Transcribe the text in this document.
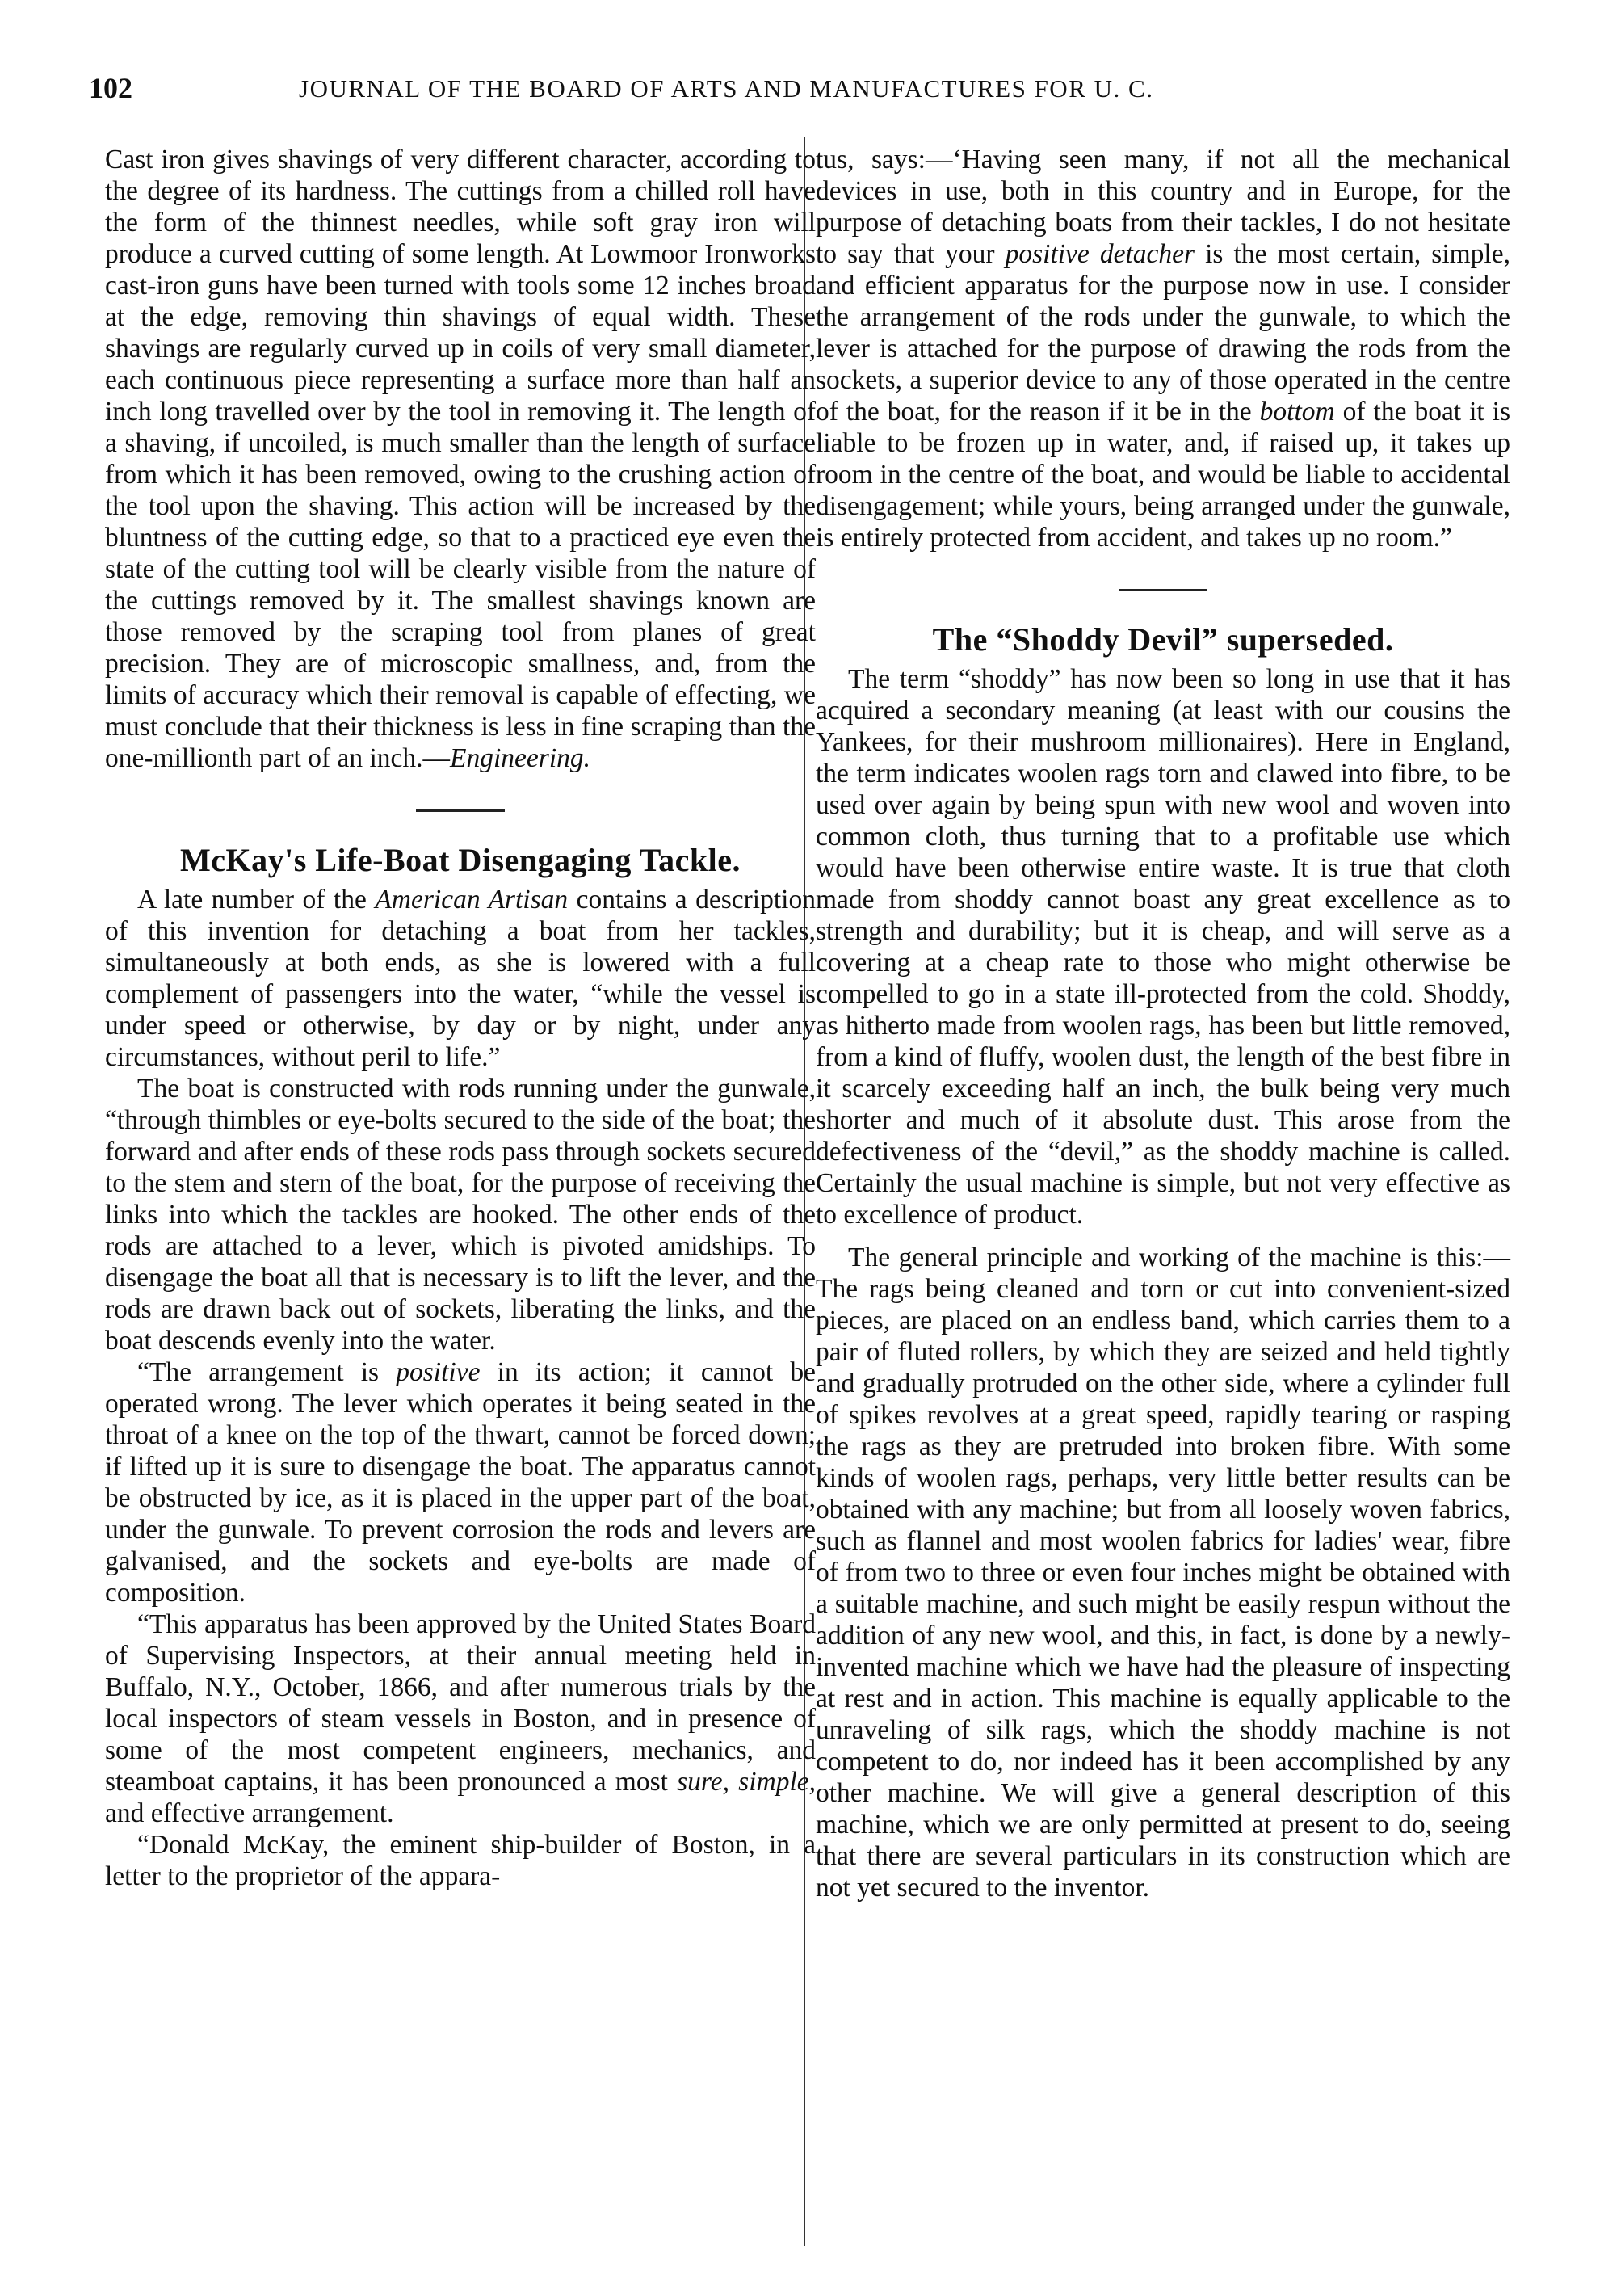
102	JOURNAL OF THE BOARD OF ARTS AND MANUFACTURES FOR U. C.

Cast iron gives shavings of very different character, according to the degree of its hardness. The cuttings from a chilled roll have the form of the thinnest needles, while soft gray iron will produce a curved cutting of some length. At Lowmoor Ironworks cast-iron guns have been turned with tools some 12 inches broad at the edge, removing thin shavings of equal width. These shavings are regularly curved up in coils of very small diameter, each continuous piece representing a surface more than half an inch long travelled over by the tool in removing it. The length of a shaving, if uncoiled, is much smaller than the length of surface from which it has been removed, owing to the crushing action of the tool upon the shaving. This action will be increased by the bluntness of the cutting edge, so that to a practiced eye even the state of the cutting tool will be clearly visible from the nature of the cuttings removed by it. The smallest shavings known are those removed by the scraping tool from planes of great precision. They are of microscopic smallness, and, from the limits of accuracy which their removal is capable of effecting, we must conclude that their thickness is less in fine scraping than the one-millionth part of an inch.—Engineering.

McKay's Life-Boat Disengaging Tackle.

A late number of the American Artisan contains a description of this invention for detaching a boat from her tackles, simultaneously at both ends, as she is lowered with a full complement of passengers into the water, “while the vessel is under speed or otherwise, by day or by night, under any circumstances, without peril to life.”

The boat is constructed with rods running under the gunwale, “through thimbles or eye-bolts secured to the side of the boat; the forward and after ends of these rods pass through sockets secured to the stem and stern of the boat, for the purpose of receiving the links into which the tackles are hooked. The other ends of the rods are attached to a lever, which is pivoted amidships. To disengage the boat all that is necessary is to lift the lever, and the rods are drawn back out of sockets, liberating the links, and the boat descends evenly into the water.

“The arrangement is positive in its action; it cannot be operated wrong. The lever which operates it being seated in the throat of a knee on the top of the thwart, cannot be forced down; if lifted up it is sure to disengage the boat. The apparatus cannot be obstructed by ice, as it is placed in the upper part of the boat, under the gunwale. To prevent corrosion the rods and levers are galvanised, and the sockets and eye-bolts are made of composition.

“This apparatus has been approved by the United States Board of Supervising Inspectors, at their annual meeting held in Buffalo, N.Y., October, 1866, and after numerous trials by the local inspectors of steam vessels in Boston, and in presence of some of the most competent engineers, mechanics, and steamboat captains, it has been pronounced a most sure, simple, and effective arrangement.

“Donald McKay, the eminent ship-builder of Boston, in a letter to the proprietor of the appara-

tus, says:—‘Having seen many, if not all the mechanical devices in use, both in this country and in Europe, for the purpose of detaching boats from their tackles, I do not hesitate to say that your positive detacher is the most certain, simple, and efficient apparatus for the purpose now in use. I consider the arrangement of the rods under the gunwale, to which the lever is attached for the purpose of drawing the rods from the sockets, a superior device to any of those operated in the centre of the boat, for the reason if it be in the bottom of the boat it is liable to be frozen up in water, and, if raised up, it takes up room in the centre of the boat, and would be liable to accidental disengagement; while yours, being arranged under the gunwale, is entirely protected from accident, and takes up no room.”

The “Shoddy Devil” superseded.

The term “shoddy” has now been so long in use that it has acquired a secondary meaning (at least with our cousins the Yankees, for their mushroom millionaires). Here in England, the term indicates woolen rags torn and clawed into fibre, to be used over again by being spun with new wool and woven into common cloth, thus turning that to a profitable use which would have been otherwise entire waste. It is true that cloth made from shoddy cannot boast any great excellence as to strength and durability; but it is cheap, and will serve as a covering at a cheap rate to those who might otherwise be compelled to go in a state ill-protected from the cold. Shoddy, as hitherto made from woolen rags, has been but little removed, from a kind of fluffy, woolen dust, the length of the best fibre in it scarcely exceeding half an inch, the bulk being very much shorter and much of it absolute dust. This arose from the defectiveness of the “devil,” as the shoddy machine is called. Certainly the usual machine is simple, but not very effective as to excellence of product.

The general principle and working of the machine is this:—The rags being cleaned and torn or cut into convenient-sized pieces, are placed on an endless band, which carries them to a pair of fluted rollers, by which they are seized and held tightly and gradually protruded on the other side, where a cylinder full of spikes revolves at a great speed, rapidly tearing or rasping the rags as they are pretruded into broken fibre. With some kinds of woolen rags, perhaps, very little better results can be obtained with any machine; but from all loosely woven fabrics, such as flannel and most woolen fabrics for ladies' wear, fibre of from two to three or even four inches might be obtained with a suitable machine, and such might be easily respun without the addition of any new wool, and this, in fact, is done by a newly-invented machine which we have had the pleasure of inspecting at rest and in action. This machine is equally applicable to the unraveling of silk rags, which the shoddy machine is not competent to do, nor indeed has it been accomplished by any other machine. We will give a general description of this machine, which we are only permitted at present to do, seeing that there are several particulars in its construction which are not yet secured to the inventor.
